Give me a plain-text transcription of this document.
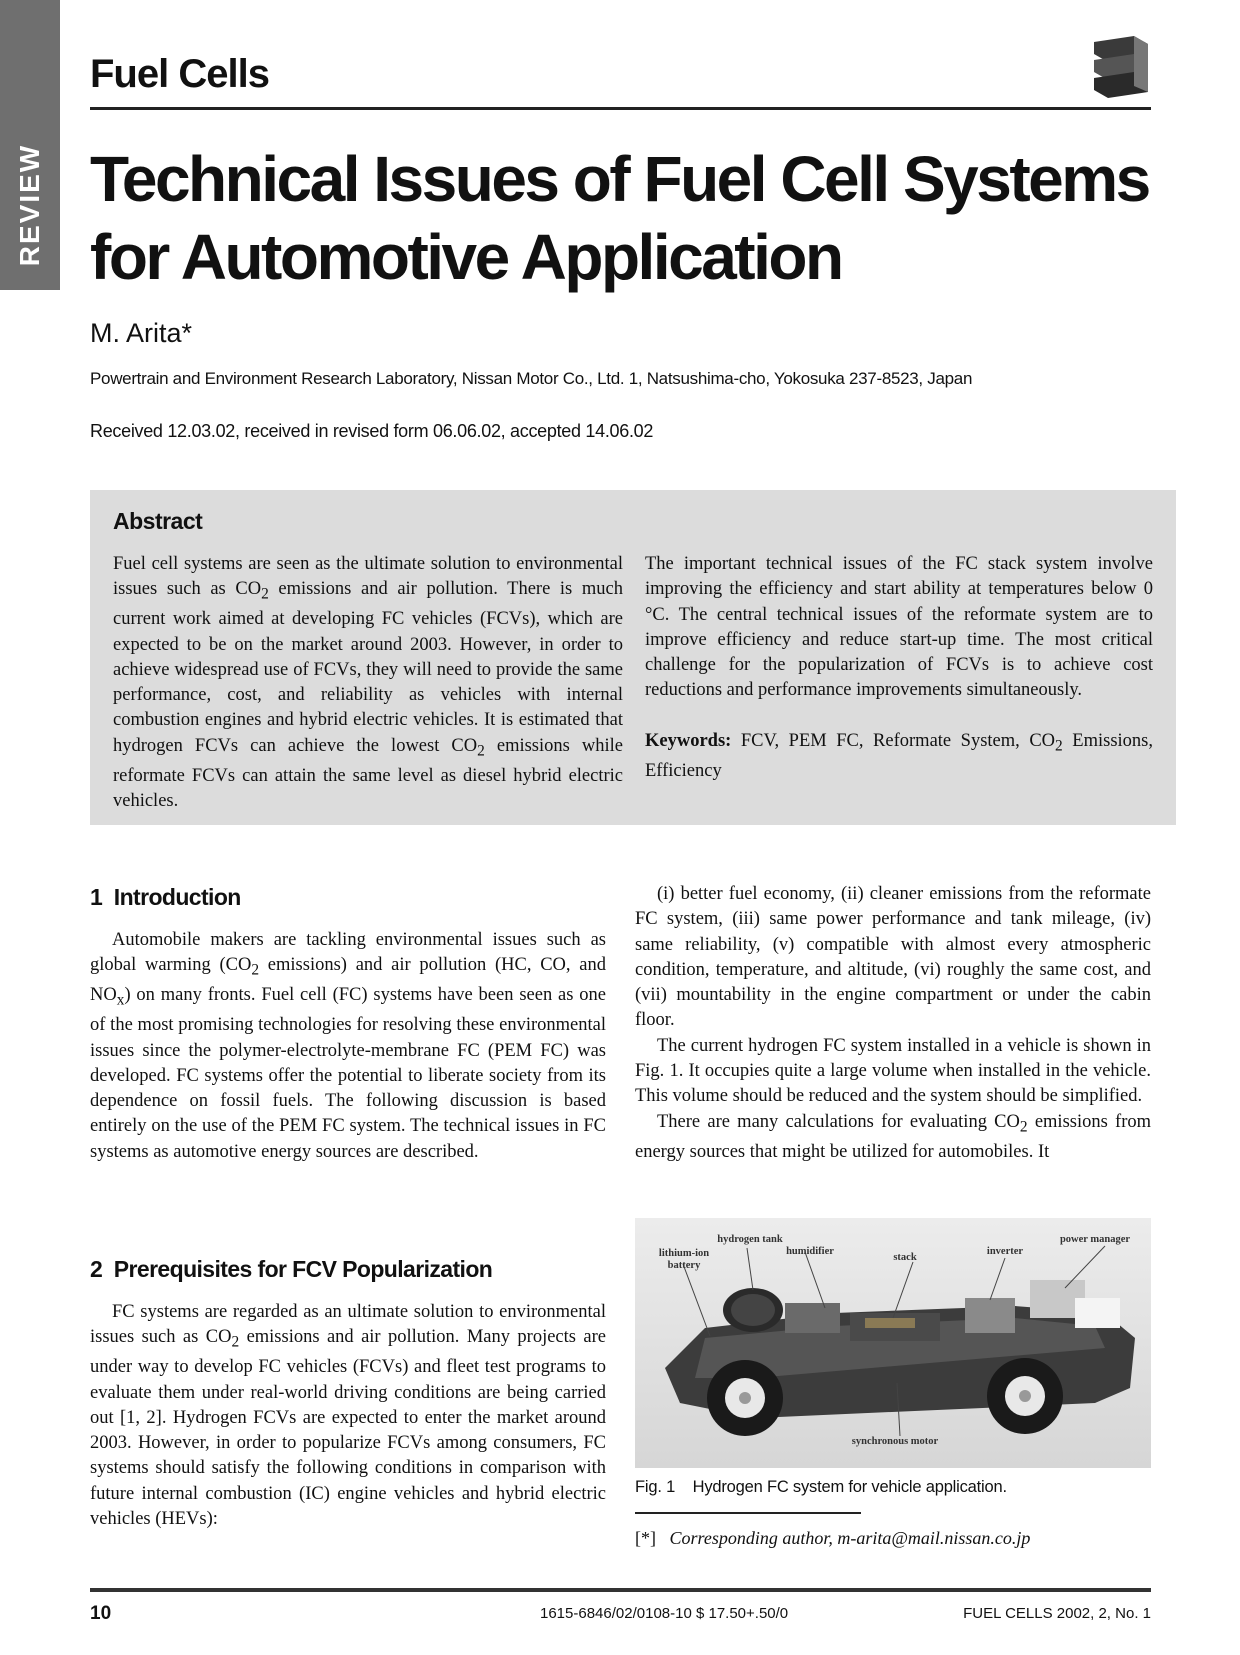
REVIEW
Fuel Cells
Technical Issues of Fuel Cell Systems for Automotive Application
M. Arita*
Powertrain and Environment Research Laboratory, Nissan Motor Co., Ltd. 1, Natsushima-cho, Yokosuka 237-8523, Japan
Received 12.03.02, received in revised form 06.06.02, accepted 14.06.02
Abstract

Fuel cell systems are seen as the ultimate solution to environmental issues such as $CO_2$ emissions and air pollution. There is much current work aimed at developing FC vehicles (FCVs), which are expected to be on the market around 2003. However, in order to achieve widespread use of FCVs, they will need to provide the same performance, cost, and reliability as vehicles with internal combustion engines and hybrid electric vehicles. It is estimated that hydrogen FCVs can achieve the lowest $CO_2$ emissions while reformate FCVs can attain the same level as diesel hybrid electric vehicles.

The important technical issues of the FC stack system involve improving the efficiency and start ability at temperatures below 0 °C. The central technical issues of the reformate system are to improve efficiency and reduce start-up time. The most critical challenge for the popularization of FCVs is to achieve cost reductions and performance improvements simultaneously.

Keywords: FCV, PEM FC, Reformate System, $CO_2$ Emissions, Efficiency

1 Introduction

Automobile makers are tackling environmental issues such as global warming ($CO_2$ emissions) and air pollution (HC, CO, and $NO_x$) on many fronts. Fuel cell (FC) systems have been seen as one of the most promising technologies for resolving these environmental issues since the polymer-electrolyte-membrane FC (PEM FC) was developed. FC systems offer the potential to liberate society from its dependence on fossil fuels. The following discussion is based entirely on the use of the PEM FC system. The technical issues in FC systems as automotive energy sources are described.

2 Prerequisites for FCV Popularization

FC systems are regarded as an ultimate solution to environmental issues such as $CO_2$ emissions and air pollution. Many projects are under way to develop FC vehicles (FCVs) and fleet test programs to evaluate them under real-world driving conditions are being carried out [1, 2]. Hydrogen FCVs are expected to enter the market around 2003. However, in order to popularize FCVs among consumers, FC systems should satisfy the following conditions in comparison with future internal combustion (IC) engine vehicles and hybrid electric vehicles (HEVs):

(i) better fuel economy, (ii) cleaner emissions from the reformate FC system, (iii) same power performance and tank mileage, (iv) same reliability, (v) compatible with almost every atmospheric condition, temperature, and altitude, (vi) roughly the same cost, and (vii) mountability in the engine compartment or under the cabin floor.

The current hydrogen FC system installed in a vehicle is shown in Fig. 1. It occupies quite a large volume when installed in the vehicle. This volume should be reduced and the system should be simplified.

There are many calculations for evaluating $CO_2$ emissions from energy sources that might be utilized for automobiles. It

lithium-ion battery
hydrogen tank
humidifier
stack
inverter
power manager
synchronous motor
Fig. 1 Hydrogen FC system for vehicle application.
[*] Corresponding author, m-arita@mail.nissan.co.jp
10	1615-6846/02/0108-10 $ 17.50+.50/0	FUEL CELLS 2002, 2, No. 1
